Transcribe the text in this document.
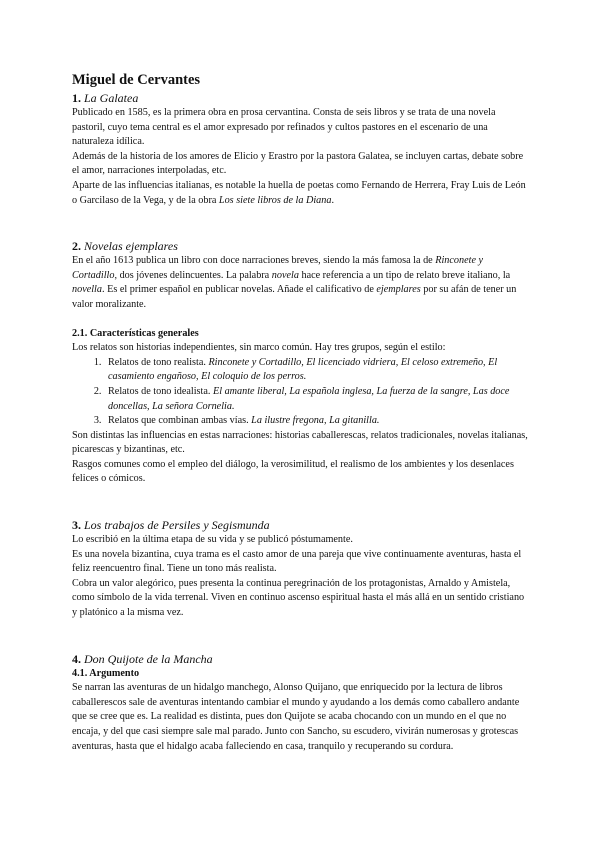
Miguel de Cervantes
1. La Galatea

Publicado en 1585, es la primera obra en prosa cervantina. Consta de seis libros y se trata de una novela pastoril, cuyo tema central es el amor expresado por refinados y cultos pastores en el escenario de una naturaleza idílica.

Además de la historia de los amores de Elicio y Erastro por la pastora Galatea, se incluyen cartas, debate sobre el amor, narraciones interpoladas, etc.

Aparte de las influencias italianas, es notable la huella de poetas como Fernando de Herrera, Fray Luis de León o Garcilaso de la Vega, y de la obra Los siete libros de la Diana.

2. Novelas ejemplares

En el año 1613 publica un libro con doce narraciones breves, siendo la más famosa la de Rinconete y Cortadillo, dos jóvenes delincuentes. La palabra novela hace referencia a un tipo de relato breve italiano, la novella. Es el primer español en publicar novelas. Añade el calificativo de ejemplares por su afán de tener un valor moralizante.

2.1. Características generales

Los relatos son historias independientes, sin marco común. Hay tres grupos, según el estilo:

1. Relatos de tono realista. Rinconete y Cortadillo, El licenciado vidriera, El celoso extremeño, El casamiento engañoso, El coloquio de los perros.
2. Relatos de tono idealista. El amante liberal, La española inglesa, La fuerza de la sangre, Las doce doncellas, La señora Cornelia.
3. Relatos que combinan ambas vías. La ilustre fregona, La gitanilla.

Son distintas las influencias en estas narraciones: historias caballerescas, relatos tradicionales, novelas italianas, picarescas y bizantinas, etc.

Rasgos comunes como el empleo del diálogo, la verosimilitud, el realismo de los ambientes y los desenlaces felices o cómicos.

3. Los trabajos de Persiles y Segismunda

Lo escribió en la última etapa de su vida y se publicó póstumamente.

Es una novela bizantina, cuya trama es el casto amor de una pareja que vive continuamente aventuras, hasta el feliz reencuentro final. Tiene un tono más realista.

Cobra un valor alegórico, pues presenta la continua peregrinación de los protagonistas, Arnaldo y Amistela, como símbolo de la vida terrenal. Viven en continuo ascenso espiritual hasta el más allá en un sentido cristiano y platónico a la misma vez.

4. Don Quijote de la Mancha
4.1. Argumento

Se narran las aventuras de un hidalgo manchego, Alonso Quijano, que enriquecido por la lectura de libros caballerescos sale de aventuras intentando cambiar el mundo y ayudando a los demás como caballero andante que se cree que es. La realidad es distinta, pues don Quijote se acaba chocando con un mundo en el que no encaja, y del que casi siempre sale mal parado. Junto con Sancho, su escudero, vivirán numerosas y grotescas aventuras, hasta que el hidalgo acaba falleciendo en casa, tranquilo y recuperando su cordura.
